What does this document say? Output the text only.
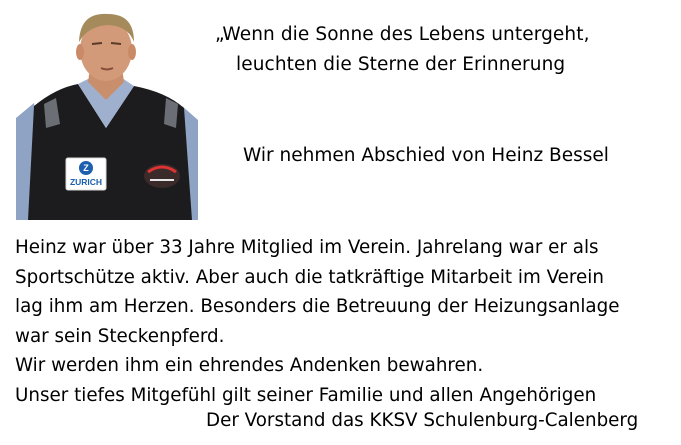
Z
ZURICH
„Wenn die Sonne des Lebens untergeht,
leuchten die Sterne der Erinnerung
Wir nehmen Abschied von Heinz Bessel
Heinz war über 33 Jahre Mitglied im Verein. Jahrelang war er als
Sportschütze aktiv. Aber auch die tatkräftige Mitarbeit im Verein
lag ihm am Herzen. Besonders die Betreuung der Heizungsanlage
war sein Steckenpferd.
Wir werden ihm ein ehrendes Andenken bewahren.
Unser tiefes Mitgefühl gilt seiner Familie und allen Angehörigen
Der Vorstand das KKSV Schulenburg-Calenberg
